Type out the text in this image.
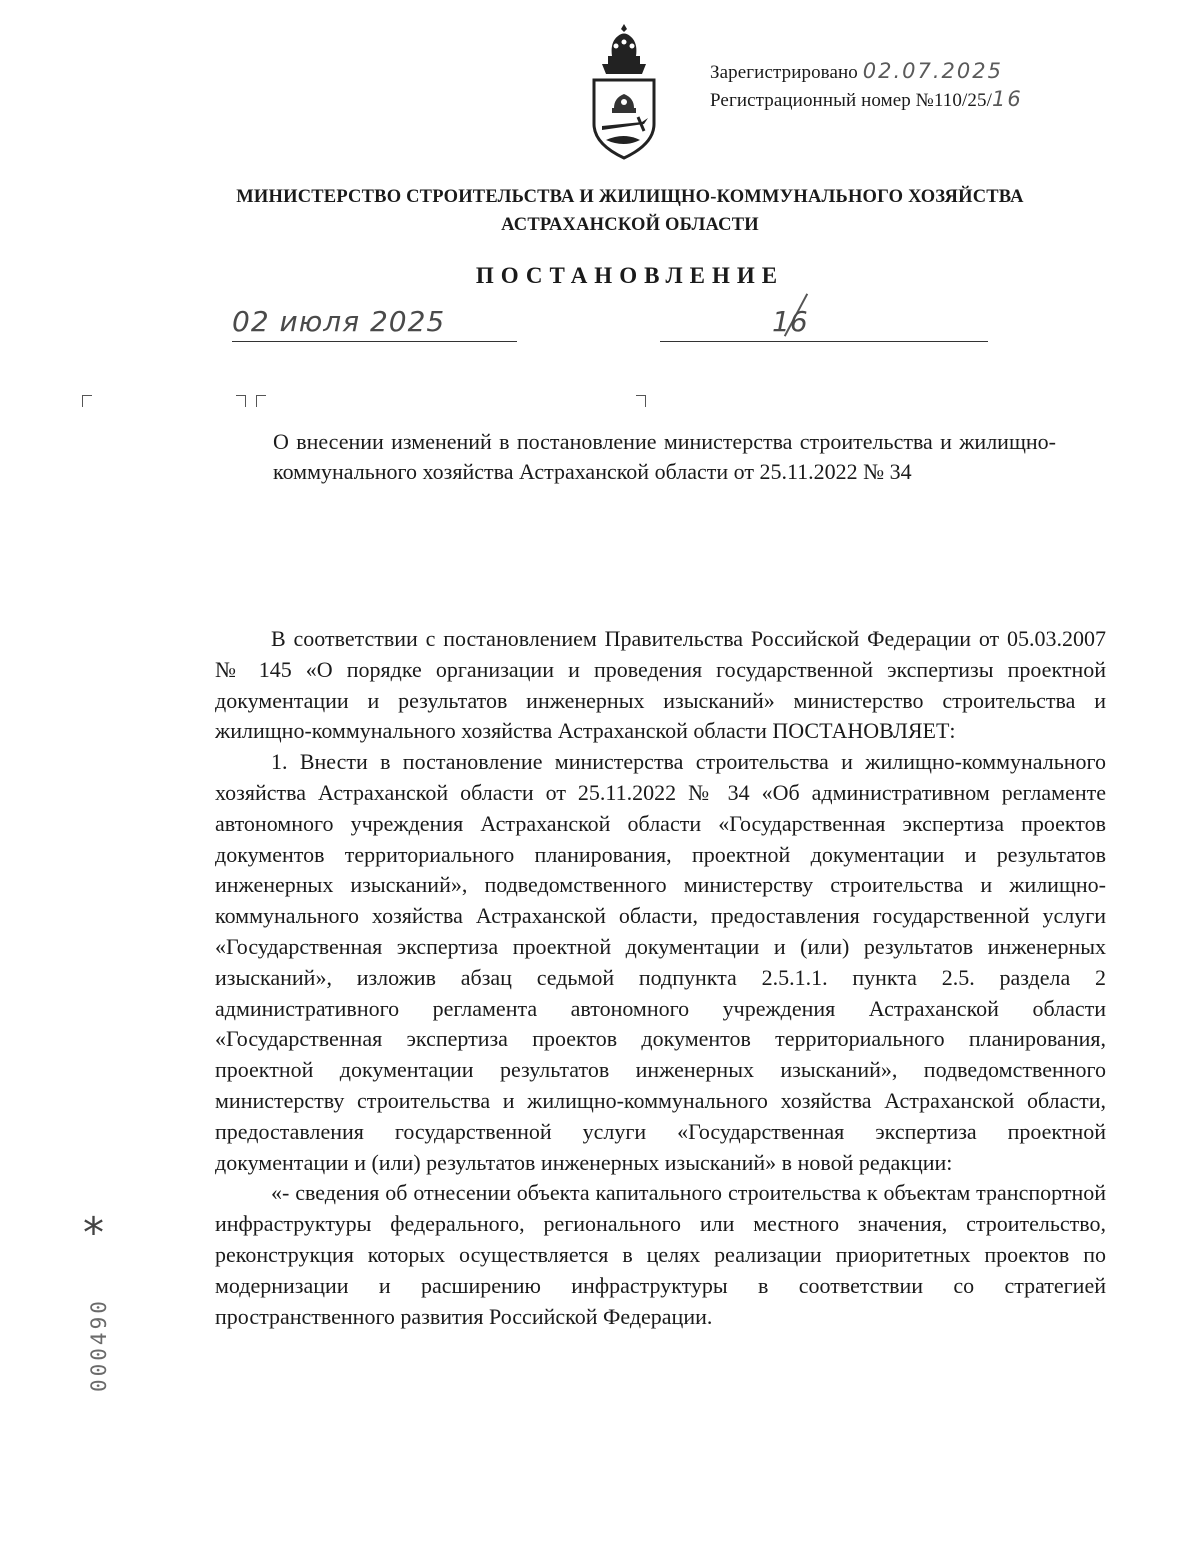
Зарегистрировано 02.07.2025
Регистрационный номер №110/25/16
МИНИСТЕРСТВО СТРОИТЕЛЬСТВА И ЖИЛИЩНО-КОММУНАЛЬНОГО ХОЗЯЙСТВА
АСТРАХАНСКОЙ ОБЛАСТИ
ПОСТАНОВЛЕНИЕ
02 июля 2025	16
О внесении изменений в постановление министерства строительства и жилищно-коммунального хозяйства Астраханской области от 25.11.2022 № 34

В соответствии с постановлением Правительства Российской Федерации от 05.03.2007 № 145 «О порядке организации и проведения государственной экспертизы проектной документации и результатов инженерных изысканий» министерство строительства и жилищно-коммунального хозяйства Астраханской области ПОСТАНОВЛЯЕТ:

1. Внести в постановление министерства строительства и жилищно-коммунального хозяйства Астраханской области от 25.11.2022 № 34 «Об административном регламенте автономного учреждения Астраханской области «Государственная экспертиза проектов документов территориального планирования, проектной документации и результатов инженерных изысканий», подведомственного министерству строительства и жилищно-коммунального хозяйства Астраханской области, предоставления государственной услуги «Государственная экспертиза проектной документации и (или) результатов инженерных изысканий», изложив абзац седьмой подпункта 2.5.1.1. пункта 2.5. раздела 2 административного регламента автономного учреждения Астраханской области «Государственная экспертиза проектов документов территориального планирования, проектной документации результатов инженерных изысканий», подведомственного министерству строительства и жилищно-коммунального хозяйства Астраханской области, предоставления государственной услуги «Государственная экспертиза проектной документации и (или) результатов инженерных изысканий» в новой редакции:

«- сведения об отнесении объекта капитального строительства к объектам транспортной инфраструктуры федерального, регионального или местного значения, строительство, реконструкция которых осуществляется в целях реализации приоритетных проектов по модернизации и расширению инфраструктуры в соответствии со стратегией пространственного развития Российской Федерации.

*
000490
